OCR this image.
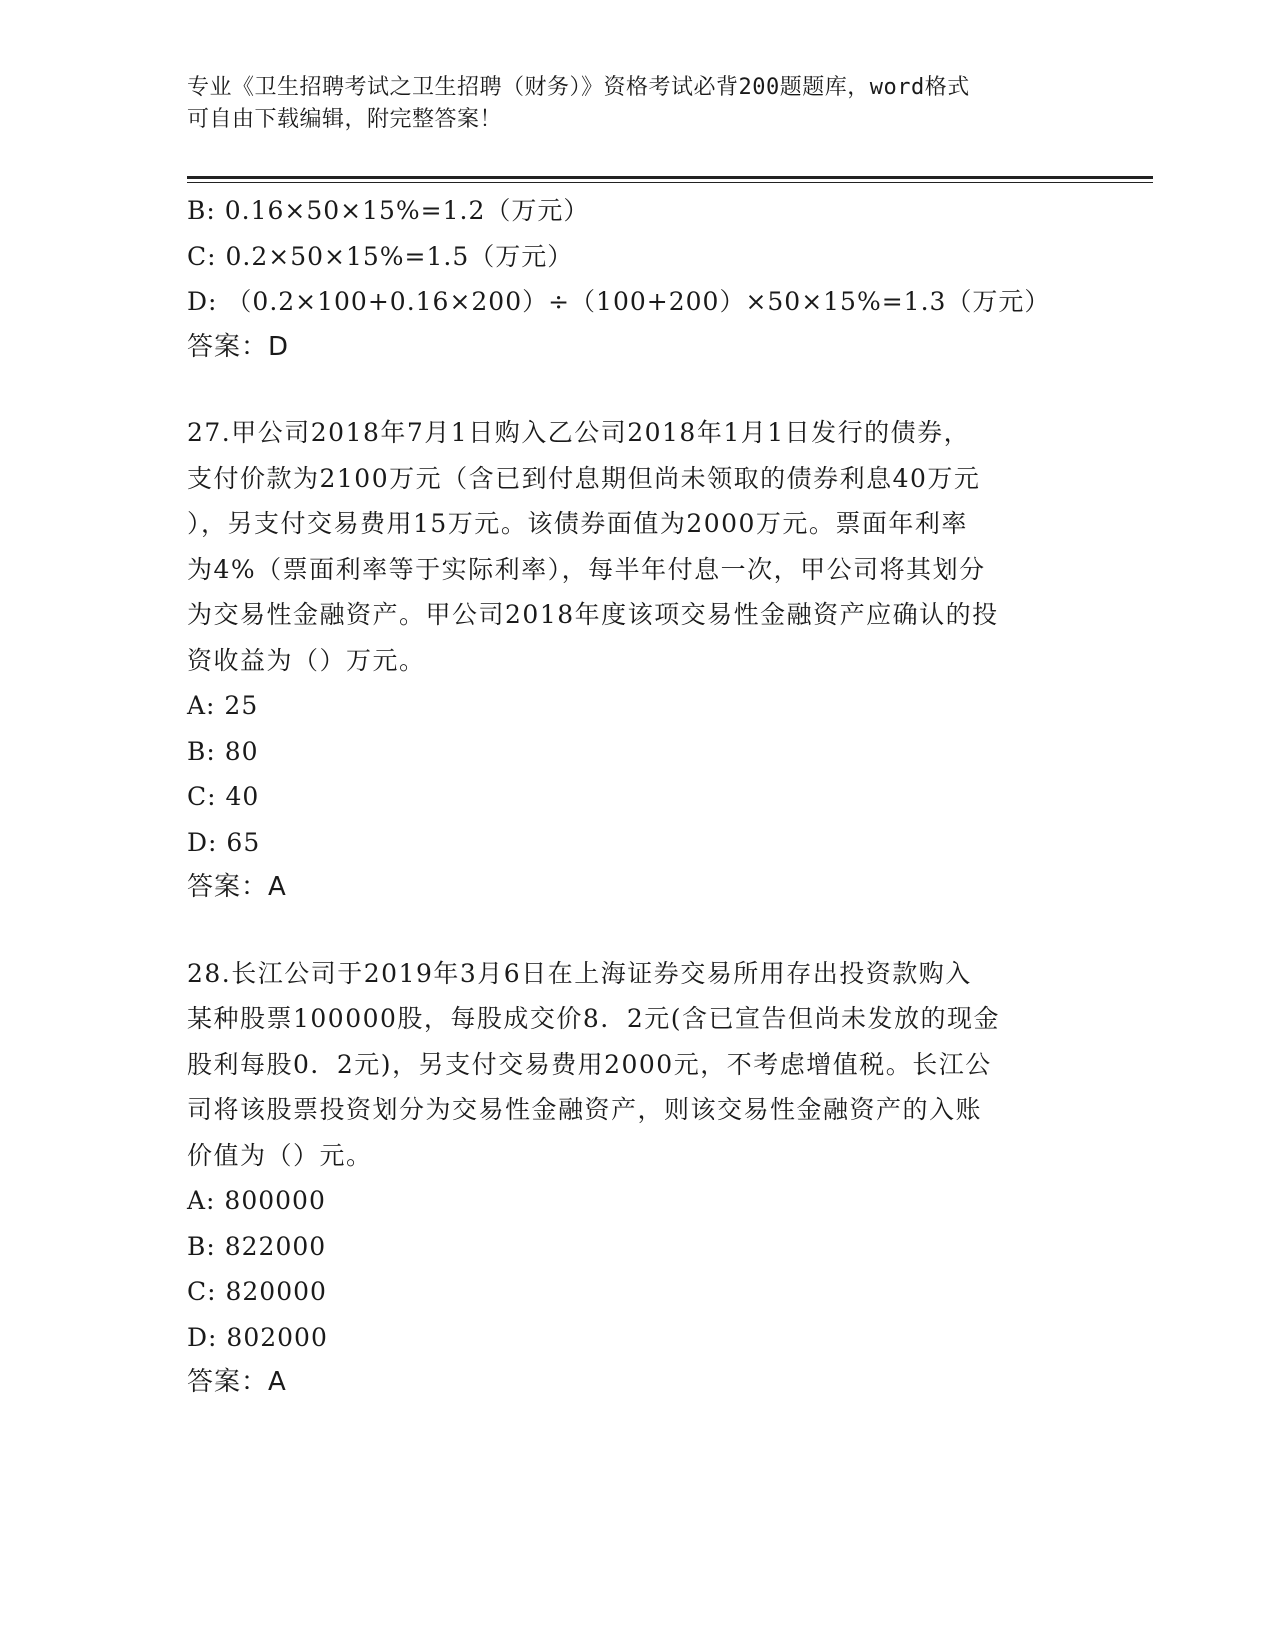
专业《卫生招聘考试之卫生招聘（财务）》资格考试必背200题题库，word格式
可自由下载编辑，附完整答案！
B: 0.16×50×15%=1.2（万元）
C: 0.2×50×15%=1.5（万元）
D: （0.2×100+0.16×200）÷（100+200）×50×15%=1.3（万元）
答案：D
27.甲公司2018年7月1日购入乙公司2018年1月1日发行的债券，
支付价款为2100万元（含已到付息期但尚未领取的债券利息40万元
），另支付交易费用15万元。该债券面值为2000万元。票面年利率
为4%（票面利率等于实际利率），每半年付息一次，甲公司将其划分
为交易性金融资产。甲公司2018年度该项交易性金融资产应确认的投
资收益为（）万元。
A: 25
B: 80
C: 40
D: 65
答案：A
28.长江公司于2019年3月6日在上海证券交易所用存出投资款购入
某种股票100000股，每股成交价8．2元(含已宣告但尚未发放的现金
股利每股0．2元)，另支付交易费用2000元，不考虑增值税。长江公
司将该股票投资划分为交易性金融资产，则该交易性金融资产的入账
价值为（）元。
A: 800000
B: 822000
C: 820000
D: 802000
答案：A
